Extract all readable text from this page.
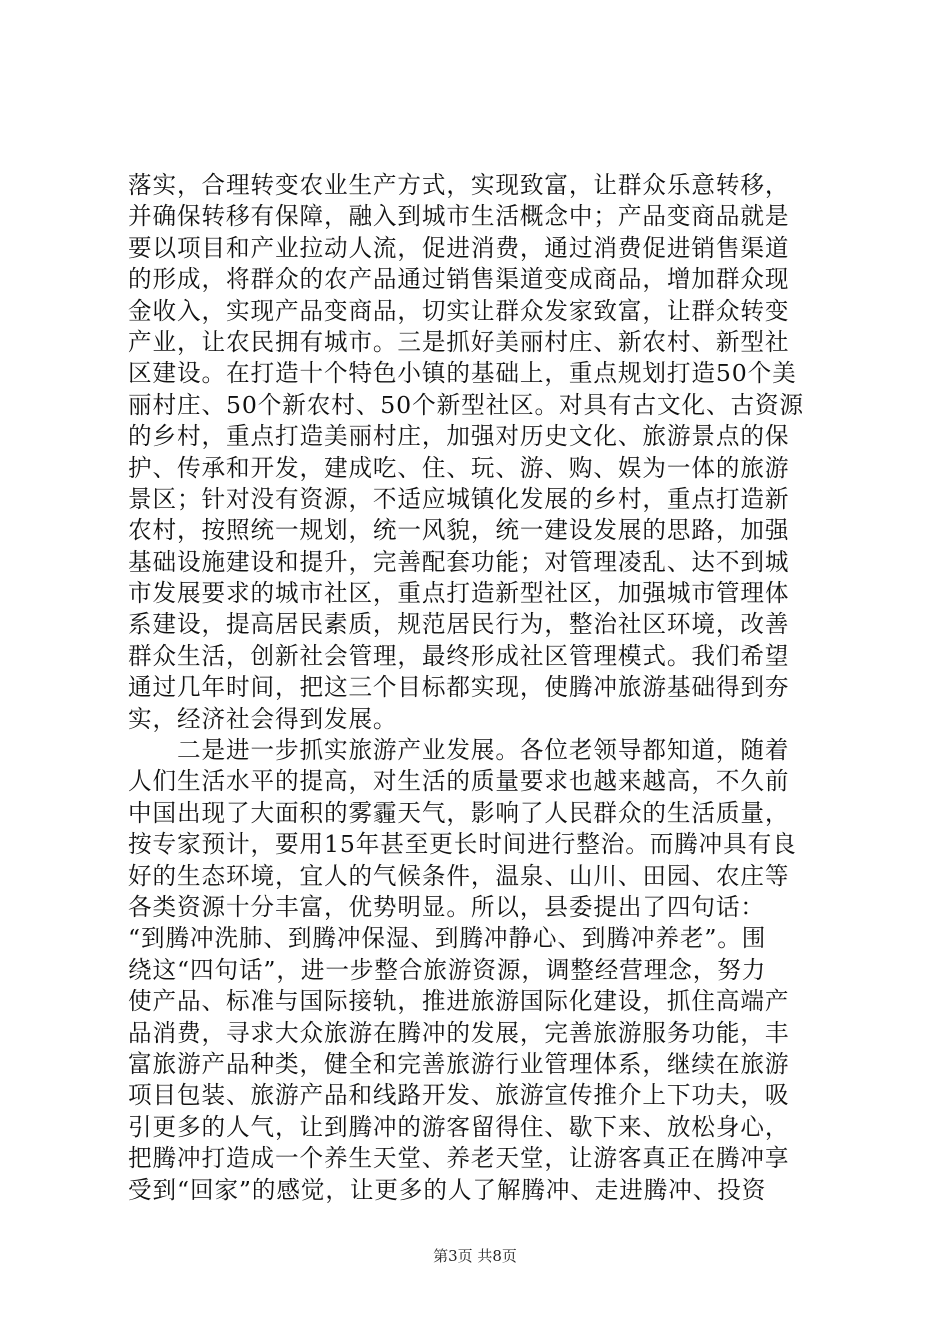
落实，合理转变农业生产方式，实现致富，让群众乐意转移，
并确保转移有保障，融入到城市生活概念中；产品变商品就是
要以项目和产业拉动人流，促进消费，通过消费促进销售渠道
的形成，将群众的农产品通过销售渠道变成商品，增加群众现
金收入，实现产品变商品，切实让群众发家致富，让群众转变
产业，让农民拥有城市。三是抓好美丽村庄、新农村、新型社
区建设。在打造十个特色小镇的基础上，重点规划打造50个美
丽村庄、50个新农村、50个新型社区。对具有古文化、古资源
的乡村，重点打造美丽村庄，加强对历史文化、旅游景点的保
护、传承和开发，建成吃、住、玩、游、购、娱为一体的旅游
景区；针对没有资源，不适应城镇化发展的乡村，重点打造新
农村，按照统一规划，统一风貌，统一建设发展的思路，加强
基础设施建设和提升，完善配套功能；对管理凌乱、达不到城
市发展要求的城市社区，重点打造新型社区，加强城市管理体
系建设，提高居民素质，规范居民行为，整治社区环境，改善
群众生活，创新社会管理，最终形成社区管理模式。我们希望
通过几年时间，把这三个目标都实现，使腾冲旅游基础得到夯
实，经济社会得到发展。
　　二是进一步抓实旅游产业发展。各位老领导都知道，随着
人们生活水平的提高，对生活的质量要求也越来越高，不久前
中国出现了大面积的雾霾天气，影响了人民群众的生活质量，
按专家预计，要用15年甚至更长时间进行整治。而腾冲具有良
好的生态环境，宜人的气候条件，温泉、山川、田园、农庄等
各类资源十分丰富，优势明显。所以，县委提出了四句话：
“到腾冲洗肺、到腾冲保湿、到腾冲静心、到腾冲养老”。围
绕这“四句话”，进一步整合旅游资源，调整经营理念，努力
使产品、标准与国际接轨，推进旅游国际化建设，抓住高端产
品消费，寻求大众旅游在腾冲的发展，完善旅游服务功能，丰
富旅游产品种类，健全和完善旅游行业管理体系，继续在旅游
项目包装、旅游产品和线路开发、旅游宣传推介上下功夫，吸
引更多的人气，让到腾冲的游客留得住、歇下来、放松身心，
把腾冲打造成一个养生天堂、养老天堂，让游客真正在腾冲享
受到“回家”的感觉，让更多的人了解腾冲、走进腾冲、投资
第3页 共8页
